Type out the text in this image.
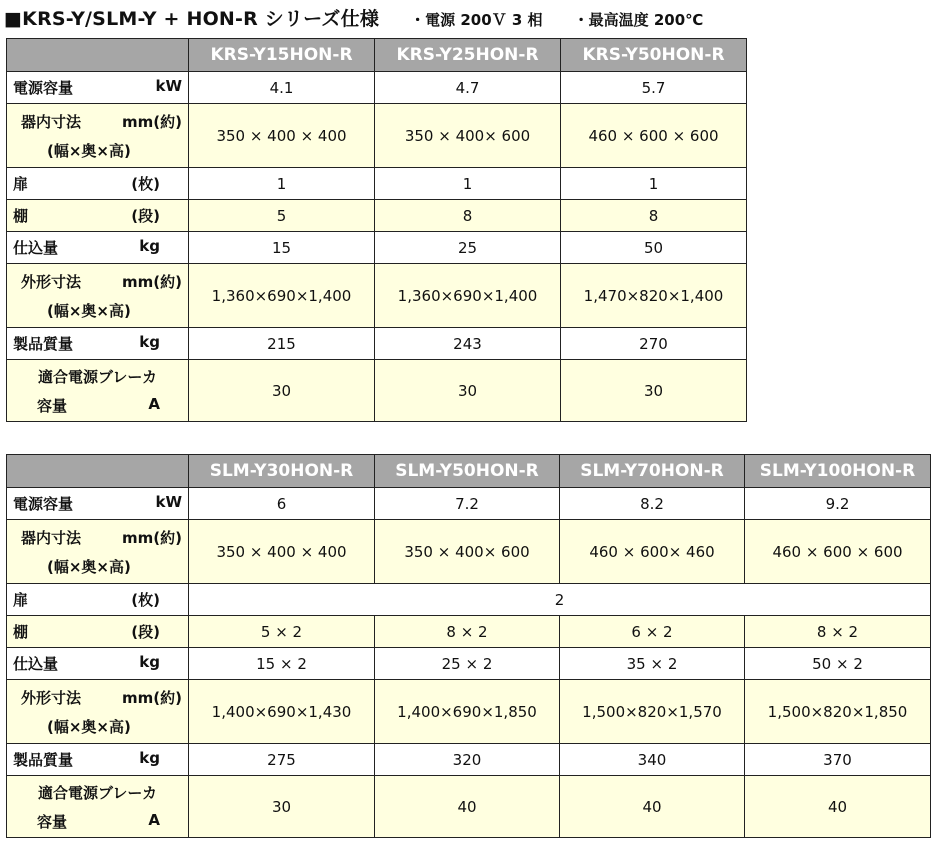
■KRS-Y/SLM-Y + HON-R シリーズ仕様 ・電源 200Ｖ 3 相 ・最高温度 200℃
	KRS-Y15HON-R	KRS-Y25HON-R	KRS-Y50HON-R

電源容量 kW	4.1	4.7	5.7

器内寸法 mm(約)
(幅×奥×高)	350 × 400 × 400	350 × 400× 600	460 × 600 × 600

扉 (枚)	1	1	1

棚 (段)	5	8	8

仕込量 kg	15	25	50

外形寸法 mm(約)
(幅×奥×高)	1,360×690×1,400	1,360×690×1,400	1,470×820×1,400

製品質量 kg	215	243	270

適合電源ブレーカ
容量 A	30	30	30
	SLM-Y30HON-R	SLM-Y50HON-R	SLM-Y70HON-R	SLM-Y100HON-R

電源容量 kW	6	7.2	8.2	9.2

器内寸法 mm(約)
(幅×奥×高)	350 × 400 × 400	350 × 400× 600	460 × 600× 460	460 × 600 × 600

扉 (枚)	2			

棚 (段)	5 × 2	8 × 2	6 × 2	8 × 2

仕込量 kg	15 × 2	25 × 2	35 × 2	50 × 2

外形寸法 mm(約)
(幅×奥×高)	1,400×690×1,430	1,400×690×1,850	1,500×820×1,570	1,500×820×1,850

製品質量 kg	275	320	340	370

適合電源ブレーカ
容量 A	30	40	40	40
